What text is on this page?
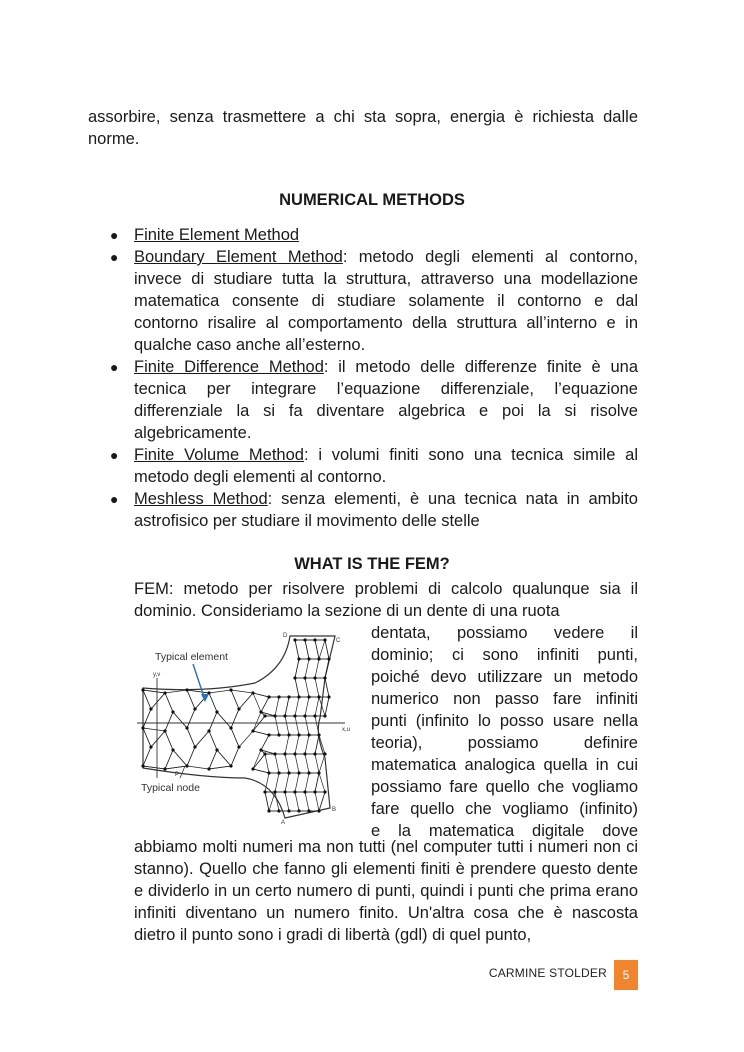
assorbire, senza trasmettere a chi sta sopra, energia è richiesta dalle norme.
NUMERICAL METHODS
● Finite Element Method
● Boundary Element Method: metodo degli elementi al contorno, invece di studiare tutta la struttura, attraverso una modellazione matematica consente di studiare solamente il contorno e dal contorno risalire al comportamento della struttura all’interno e in qualche caso anche all’esterno.
● Finite Difference Method: il metodo delle differenze finite è una tecnica per integrare l’equazione differenziale, l’equazione differenziale la si fa diventare algebrica e poi la si risolve algebricamente.
● Finite Volume Method: i volumi finiti sono una tecnica simile al metodo degli elementi al contorno.
● Meshless Method: senza elementi, è una tecnica nata in ambito astrofisico per studiare il movimento delle stelle
WHAT IS THE FEM?
FEM: metodo per risolvere problemi di calcolo qualunque sia il dominio. Consideriamo la sezione di un dente di una ruota
Typical element
Typical node
y,v
x,u
D
C
A
B
P
dentata, possiamo vedere il
dominio; ci sono infiniti punti,
poiché devo utilizzare un metodo
numerico non passo fare infiniti
punti (infinito lo posso usare nella
teoria), possiamo definire
matematica analogica quella in cui
possiamo fare quello che vogliamo
fare quello che vogliamo (infinito)
e la matematica digitale dove
abbiamo molti numeri ma non tutti (nel computer tutti i numeri non ci stanno). Quello che fanno gli elementi finiti è prendere questo dente e dividerlo in un certo numero di punti, quindi i punti che prima erano infiniti diventano un numero finito. Un'altra cosa che è nascosta dietro il punto sono i gradi di libertà (gdl) di quel punto,
CARMINE STOLDER	5
